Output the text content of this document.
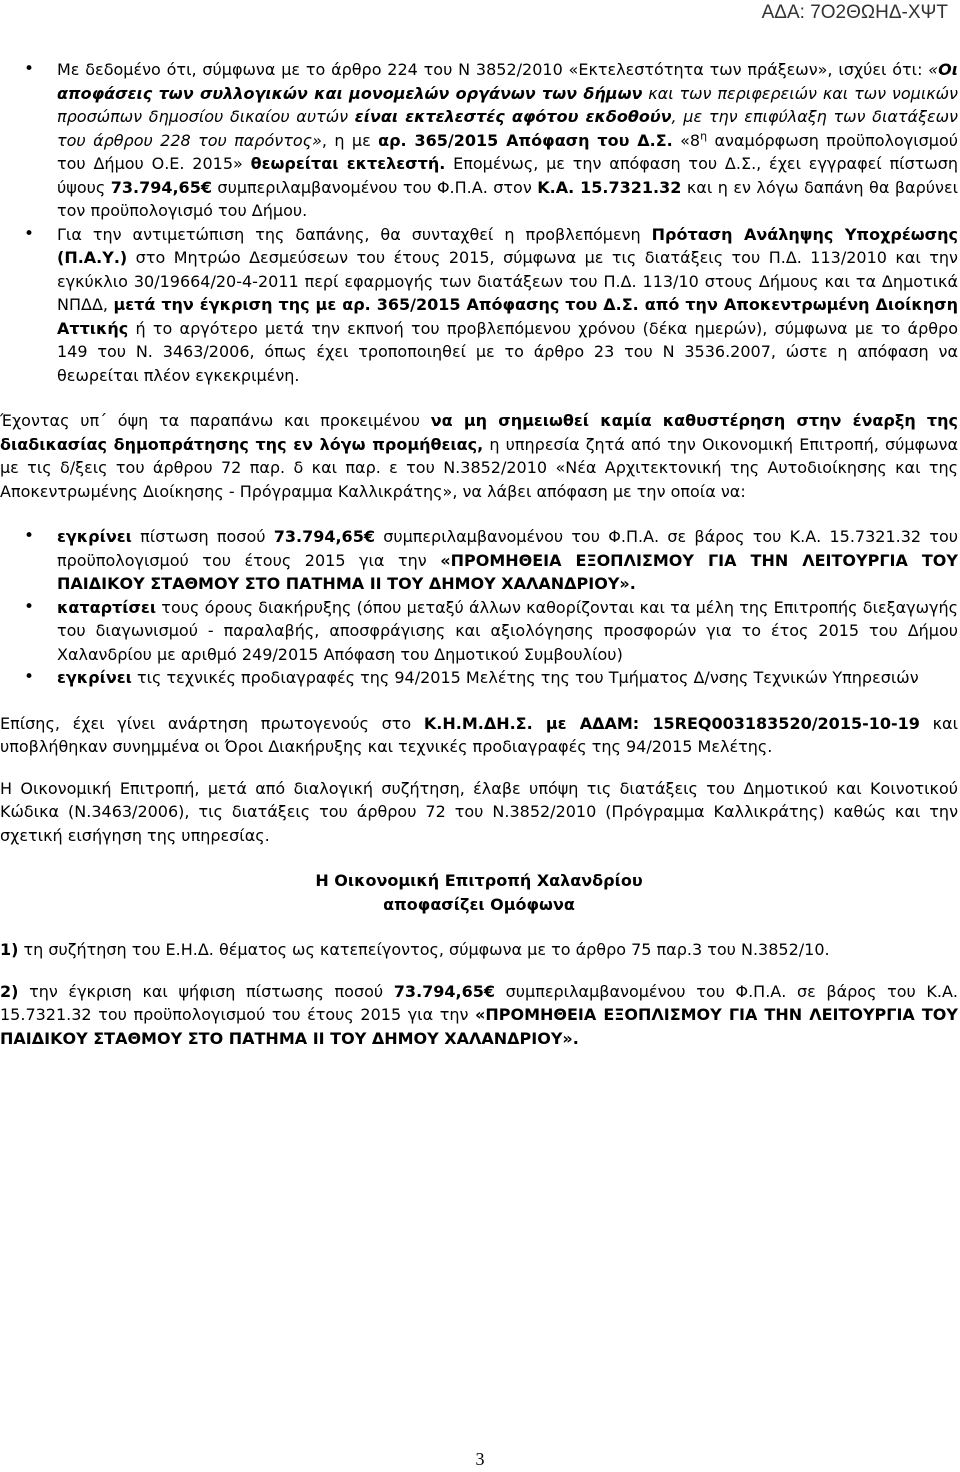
ΑΔΑ: 7Ο2ΘΩΗΔ-ΧΨΤ
• Με δεδομένο ότι, σύμφωνα με το άρθρο 224 του Ν 3852/2010 «Εκτελεστότητα των πράξεων», ισχύει ότι: «Οι αποφάσεις των συλλογικών και μονομελών οργάνων των δήμων και των περιφερειών και των νομικών προσώπων δημοσίου δικαίου αυτών είναι εκτελεστές αφότου εκδοθούν, με την επιφύλαξη των διατάξεων του άρθρου 228 του παρόντος», η με αρ. 365/2015 Απόφαση του Δ.Σ. «$8^\eta$ αναμόρφωση προϋπολογισμού του Δήμου Ο.Ε. 2015» θεωρείται εκτελεστή. Επομένως, με την απόφαση του Δ.Σ., έχει εγγραφεί πίστωση ύψους 73.794,65€ συμπεριλαμβανομένου του Φ.Π.Α. στον Κ.Α. 15.7321.32 και η εν λόγω δαπάνη θα βαρύνει τον προϋπολογισμό του Δήμου.
• Για την αντιμετώπιση της δαπάνης, θα συνταχθεί η προβλεπόμενη Πρόταση Ανάληψης Υποχρέωσης (Π.Α.Υ.) στο Μητρώο Δεσμεύσεων του έτους 2015, σύμφωνα με τις διατάξεις του Π.Δ. 113/2010 και την εγκύκλιο 30/19664/20-4-2011 περί εφαρμογής των διατάξεων του Π.Δ. 113/10 στους Δήμους και τα Δημοτικά ΝΠΔΔ, μετά την έγκριση της με αρ. 365/2015 Απόφασης του Δ.Σ. από την Αποκεντρωμένη Διοίκηση Αττικής ή το αργότερο μετά την εκπνοή του προβλεπόμενου χρόνου (δέκα ημερών), σύμφωνα με το άρθρο 149 του Ν. 3463/2006, όπως έχει τροποποιηθεί με το άρθρο 23 του Ν 3536.2007, ώστε η απόφαση να θεωρείται πλέον εγκεκριμένη.

Έχοντας υπ΄ όψη τα παραπάνω και προκειμένου να μη σημειωθεί καμία καθυστέρηση στην έναρξη της διαδικασίας δημοπράτησης της εν λόγω προμήθειας, η υπηρεσία ζητά από την Οικονομική Επιτροπή, σύμφωνα με τις δ/ξεις του άρθρου 72 παρ. δ και παρ. ε του Ν.3852/2010 «Νέα Αρχιτεκτονική της Αυτοδιοίκησης και της Αποκεντρωμένης Διοίκησης - Πρόγραμμα Καλλικράτης», να λάβει απόφαση με την οποία να:

• εγκρίνει πίστωση ποσού 73.794,65€ συμπεριλαμβανομένου του Φ.Π.Α. σε βάρος του Κ.Α. 15.7321.32 του προϋπολογισμού του έτους 2015 για την «ΠΡΟΜΗΘΕΙΑ ΕΞΟΠΛΙΣΜΟΥ ΓΙΑ ΤΗΝ ΛΕΙΤΟΥΡΓΙΑ ΤΟΥ ΠΑΙΔΙΚΟΥ ΣΤΑΘΜΟΥ ΣΤΟ ΠΑΤΗΜΑ ΙΙ ΤΟΥ ΔΗΜΟΥ ΧΑΛΑΝΔΡΙΟΥ».
• καταρτίσει τους όρους διακήρυξης (όπου μεταξύ άλλων καθορίζονται και τα μέλη της Επιτροπής διεξαγωγής του διαγωνισμού - παραλαβής, αποσφράγισης και αξιολόγησης προσφορών για το έτος 2015 του Δήμου Χαλανδρίου με αριθμό 249/2015 Απόφαση του Δημοτικού Συμβουλίου)
• εγκρίνει τις τεχνικές προδιαγραφές της 94/2015 Μελέτης της του Τμήματος Δ/νσης Τεχνικών Υπηρεσιών

Επίσης, έχει γίνει ανάρτηση πρωτογενούς στο Κ.Η.Μ.ΔΗ.Σ. με ΑΔΑΜ: 15REQ003183520/2015-10-19 και υποβλήθηκαν συνημμένα οι Όροι Διακήρυξης και τεχνικές προδιαγραφές της 94/2015 Μελέτης.

Η Οικονομική Επιτροπή, μετά από διαλογική συζήτηση, έλαβε υπόψη τις διατάξεις του Δημοτικού και Κοινοτικού Κώδικα (Ν.3463/2006), τις διατάξεις του άρθρου 72 του Ν.3852/2010 (Πρόγραμμα Καλλικράτης) καθώς και την σχετική εισήγηση της υπηρεσίας.

Η Οικονομική Επιτροπή Χαλανδρίου

αποφασίζει Ομόφωνα

1) τη συζήτηση του Ε.Η.Δ. θέματος ως κατεπείγοντος, σύμφωνα με το άρθρο 75 παρ.3 του Ν.3852/10.

2) την έγκριση και ψήφιση πίστωσης ποσού 73.794,65€ συμπεριλαμβανομένου του Φ.Π.Α. σε βάρος του Κ.Α. 15.7321.32 του προϋπολογισμού του έτους 2015 για την «ΠΡΟΜΗΘΕΙΑ ΕΞΟΠΛΙΣΜΟΥ ΓΙΑ ΤΗΝ ΛΕΙΤΟΥΡΓΙΑ ΤΟΥ ΠΑΙΔΙΚΟΥ ΣΤΑΘΜΟΥ ΣΤΟ ΠΑΤΗΜΑ ΙΙ ΤΟΥ ΔΗΜΟΥ ΧΑΛΑΝΔΡΙΟΥ».

3
